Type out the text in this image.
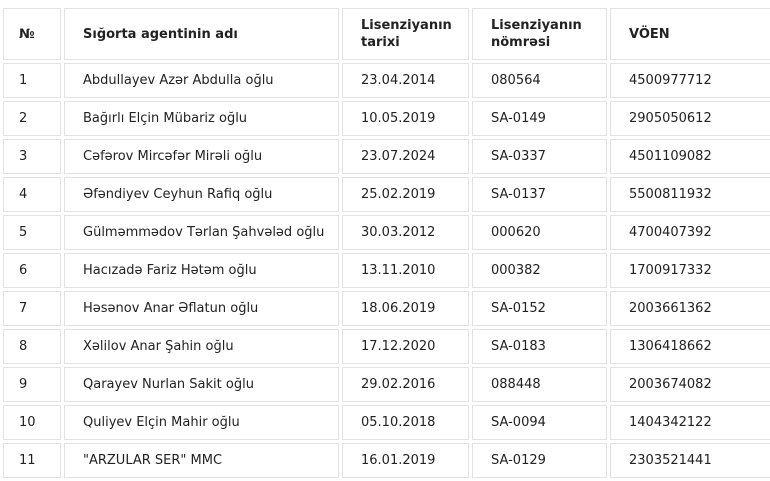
№	Sığorta agentinin adı	Lisenziyanın tarixi	Lisenziyanın nömrəsi	VÖEN
1	Abdullayev Azər Abdulla oğlu	23.04.2014	080564	4500977712
2	Bağırlı Elçin Mübariz oğlu	10.05.2019	SA-0149	2905050612
3	Cəfərov Mircəfər Mirəli oğlu	23.07.2024	SA-0337	4501109082
4	Əfəndiyev Ceyhun Rafiq oğlu	25.02.2019	SA-0137	5500811932
5	Gülməmmədov Tərlan Şahvələd oğlu	30.03.2012	000620	4700407392
6	Hacızadə Fariz Hətəm oğlu	13.11.2010	000382	1700917332
7	Həsənov Anar Əflatun oğlu	18.06.2019	SA-0152	2003661362
8	Xəlilov Anar Şahin oğlu	17.12.2020	SA-0183	1306418662
9	Qarayev Nurlan Sakit oğlu	29.02.2016	088448	2003674082
10	Quliyev Elçin Mahir oğlu	05.10.2018	SA-0094	1404342122
11	"ARZULAR SER" MMC	16.01.2019	SA-0129	2303521441
